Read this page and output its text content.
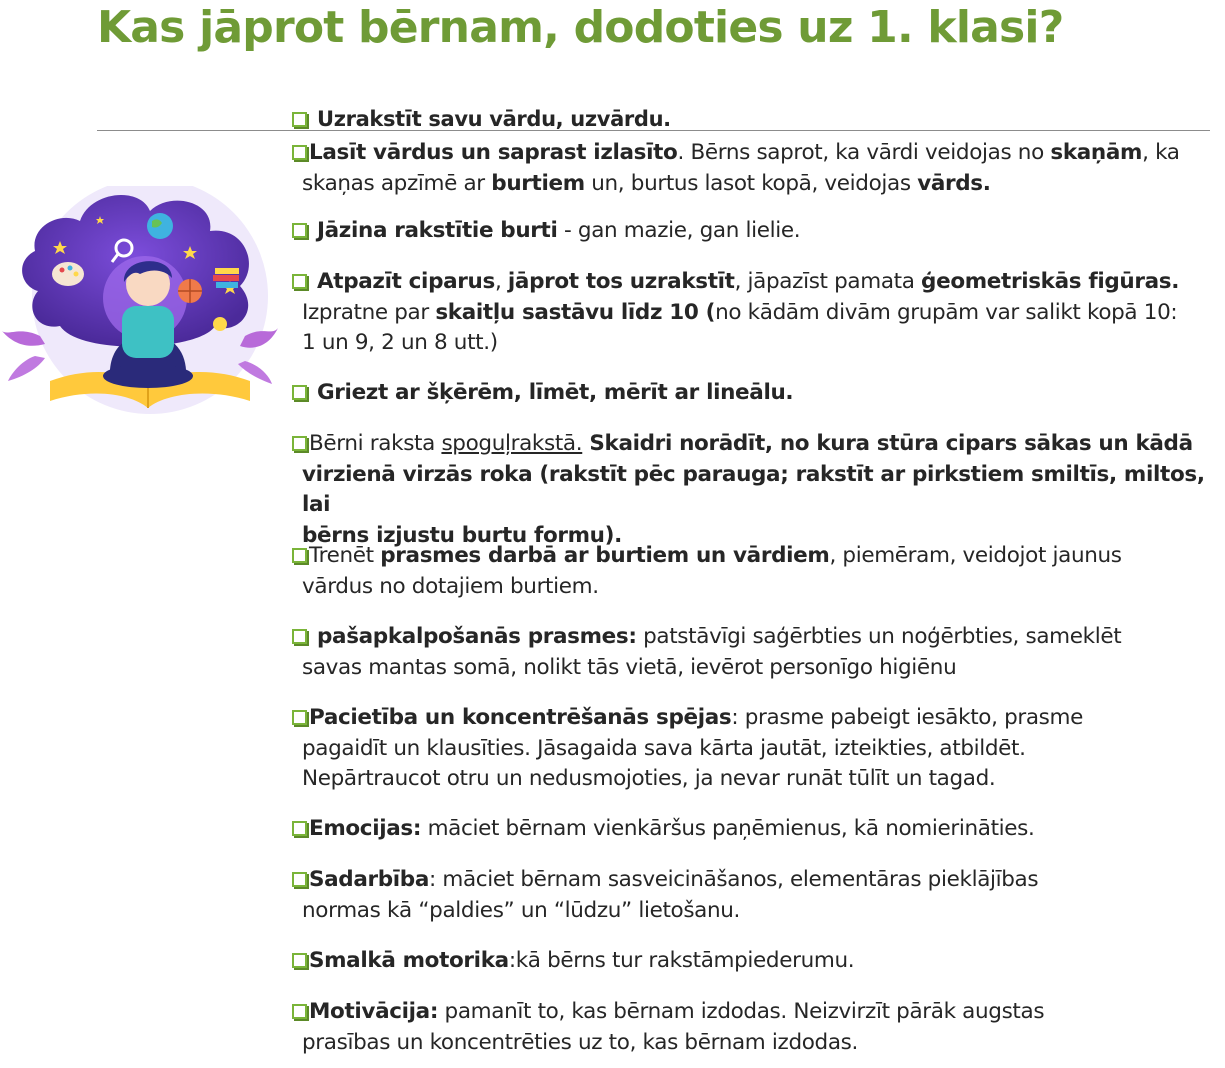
Kas jāprot bērnam, dodoties uz 1. klasi?
Uzrakstīt savu vārdu, uzvārdu.
Lasīt vārdus un saprast izlasīto. Bērns saprot, ka vārdi veidojas no skaņām, ka
skaņas apzīmē ar burtiem un, burtus lasot kopā, veidojas vārds.
Jāzina rakstītie burti - gan mazie, gan lielie.
Atpazīt ciparus, jāprot tos uzrakstīt, jāpazīst pamata ģeometriskās figūras.
Izpratne par skaitļu sastāvu līdz 10 (no kādām divām grupām var salikt kopā 10:
1 un 9, 2 un 8 utt.)
Griezt ar šķērēm, līmēt, mērīt ar lineālu.
Bērni raksta spoguļrakstā. Skaidri norādīt, no kura stūra cipars sākas un kādā
virzienā virzās roka (rakstīt pēc parauga; rakstīt ar pirkstiem smiltīs, miltos, lai
bērns izjustu burtu formu).
Trenēt prasmes darbā ar burtiem un vārdiem, piemēram, veidojot jaunus
vārdus no dotajiem burtiem.
pašapkalpošanās prasmes: patstāvīgi saģērbties un noģērbties, sameklēt
savas mantas somā, nolikt tās vietā, ievērot personīgo higiēnu
Pacietība un koncentrēšanās spējas: prasme pabeigt iesākto, prasme
pagaidīt un klausīties. Jāsagaida sava kārta jautāt, izteikties, atbildēt.
Nepārtraucot otru un nedusmojoties, ja nevar runāt tūlīt un tagad.
Emocijas: māciet bērnam vienkāršus paņēmienus, kā nomierināties.
Sadarbība: māciet bērnam sasveicināšanos, elementāras pieklājības
normas kā “paldies” un “lūdzu” lietošanu.
Smalkā motorika:kā bērns tur rakstāmpiederumu.
Motivācija: pamanīt to, kas bērnam izdodas. Neizvirzīt pārāk augstas
prasības un koncentrēties uz to, kas bērnam izdodas.
